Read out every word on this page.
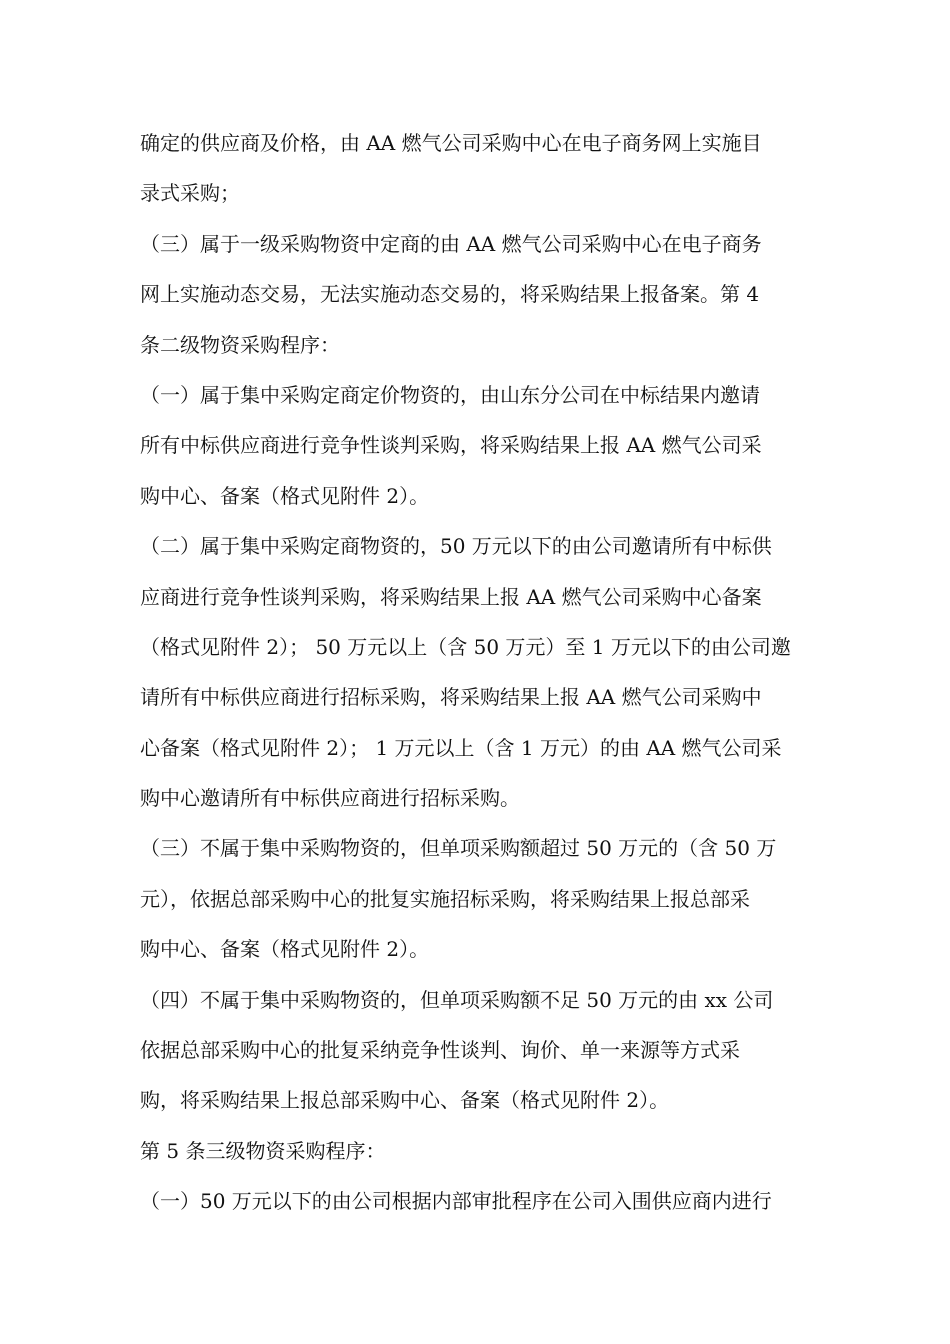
确定的供应商及价格，由 AA 燃气公司采购中心在电子商务网上实施目
录式采购；
（三）属于一级采购物资中定商的由 AA 燃气公司采购中心在电子商务
网上实施动态交易，无法实施动态交易的，将采购结果上报备案。第 4
条二级物资采购程序：
（一）属于集中采购定商定价物资的，由山东分公司在中标结果内邀请
所有中标供应商进行竞争性谈判采购，将采购结果上报 AA 燃气公司采
购中心、备案（格式见附件 2）。
（二）属于集中采购定商物资的，50 万元以下的由公司邀请所有中标供
应商进行竞争性谈判采购，将采购结果上报 AA 燃气公司采购中心备案
（格式见附件 2）； 50 万元以上（含 50 万元）至 1 万元以下的由公司邀
请所有中标供应商进行招标采购，将采购结果上报 AA 燃气公司采购中
心备案（格式见附件 2）； 1 万元以上（含 1 万元）的由 AA 燃气公司采
购中心邀请所有中标供应商进行招标采购。
（三）不属于集中采购物资的，但单项采购额超过 50 万元的（含 50 万
元），依据总部采购中心的批复实施招标采购，将采购结果上报总部采
购中心、备案（格式见附件 2）。
（四）不属于集中采购物资的，但单项采购额不足 50 万元的由 xx 公司
依据总部采购中心的批复采纳竞争性谈判、询价、单一来源等方式采
购，将采购结果上报总部采购中心、备案（格式见附件 2）。
第 5 条三级物资采购程序：
（一）50 万元以下的由公司根据内部审批程序在公司入围供应商内进行
